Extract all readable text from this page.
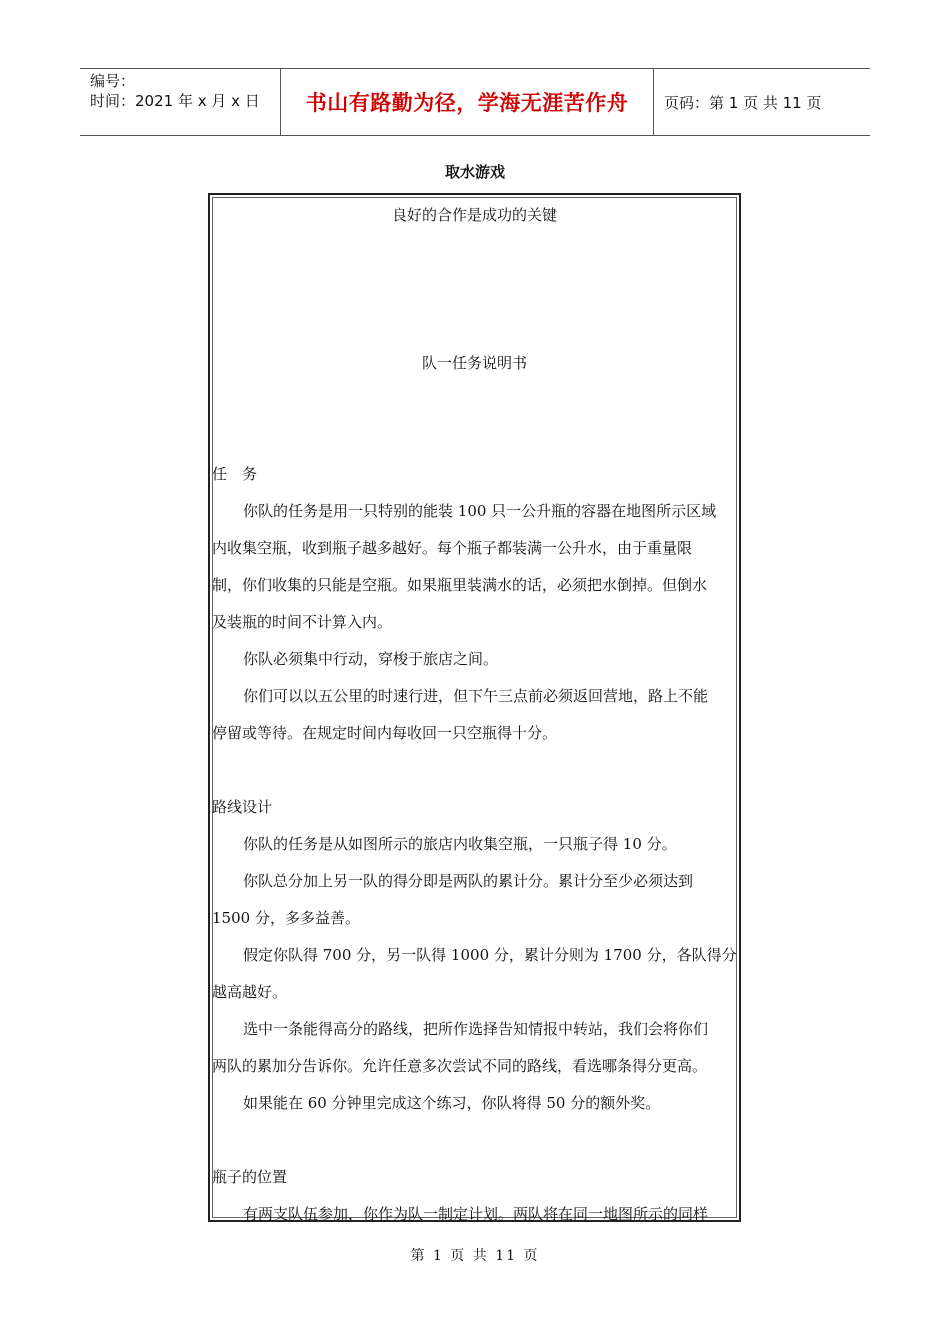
编号：
时间：2021 年 x 月 x 日	书山有路勤为径，学海无涯苦作舟	页码：第 1 页 共 11 页
取水游戏
良好的合作是成功的关键
队一任务说明书
任　务
你队的任务是用一只特别的能装 100 只一公升瓶的容器在地图所示区域
内收集空瓶，收到瓶子越多越好。每个瓶子都装满一公升水，由于重量限
制，你们收集的只能是空瓶。如果瓶里装满水的话，必须把水倒掉。但倒水
及装瓶的时间不计算入内。
你队必须集中行动，穿梭于旅店之间。
你们可以以五公里的时速行进，但下午三点前必须返回营地，路上不能
停留或等待。在规定时间内每收回一只空瓶得十分。
路线设计
你队的任务是从如图所示的旅店内收集空瓶，一只瓶子得 10 分。
你队总分加上另一队的得分即是两队的累计分。累计分至少必须达到
1500 分，多多益善。
假定你队得 700 分，另一队得 1000 分，累计分则为 1700 分，各队得分
越高越好。
选中一条能得高分的路线，把所作选择告知情报中转站，我们会将你们
两队的累加分告诉你。允许任意多次尝试不同的路线，看选哪条得分更高。
如果能在 60 分钟里完成这个练习，你队将得 50 分的额外奖。
瓶子的位置
有两支队伍参加，你作为队一制定计划。两队将在同一地图所示的同样
第 1 页 共 11 页
